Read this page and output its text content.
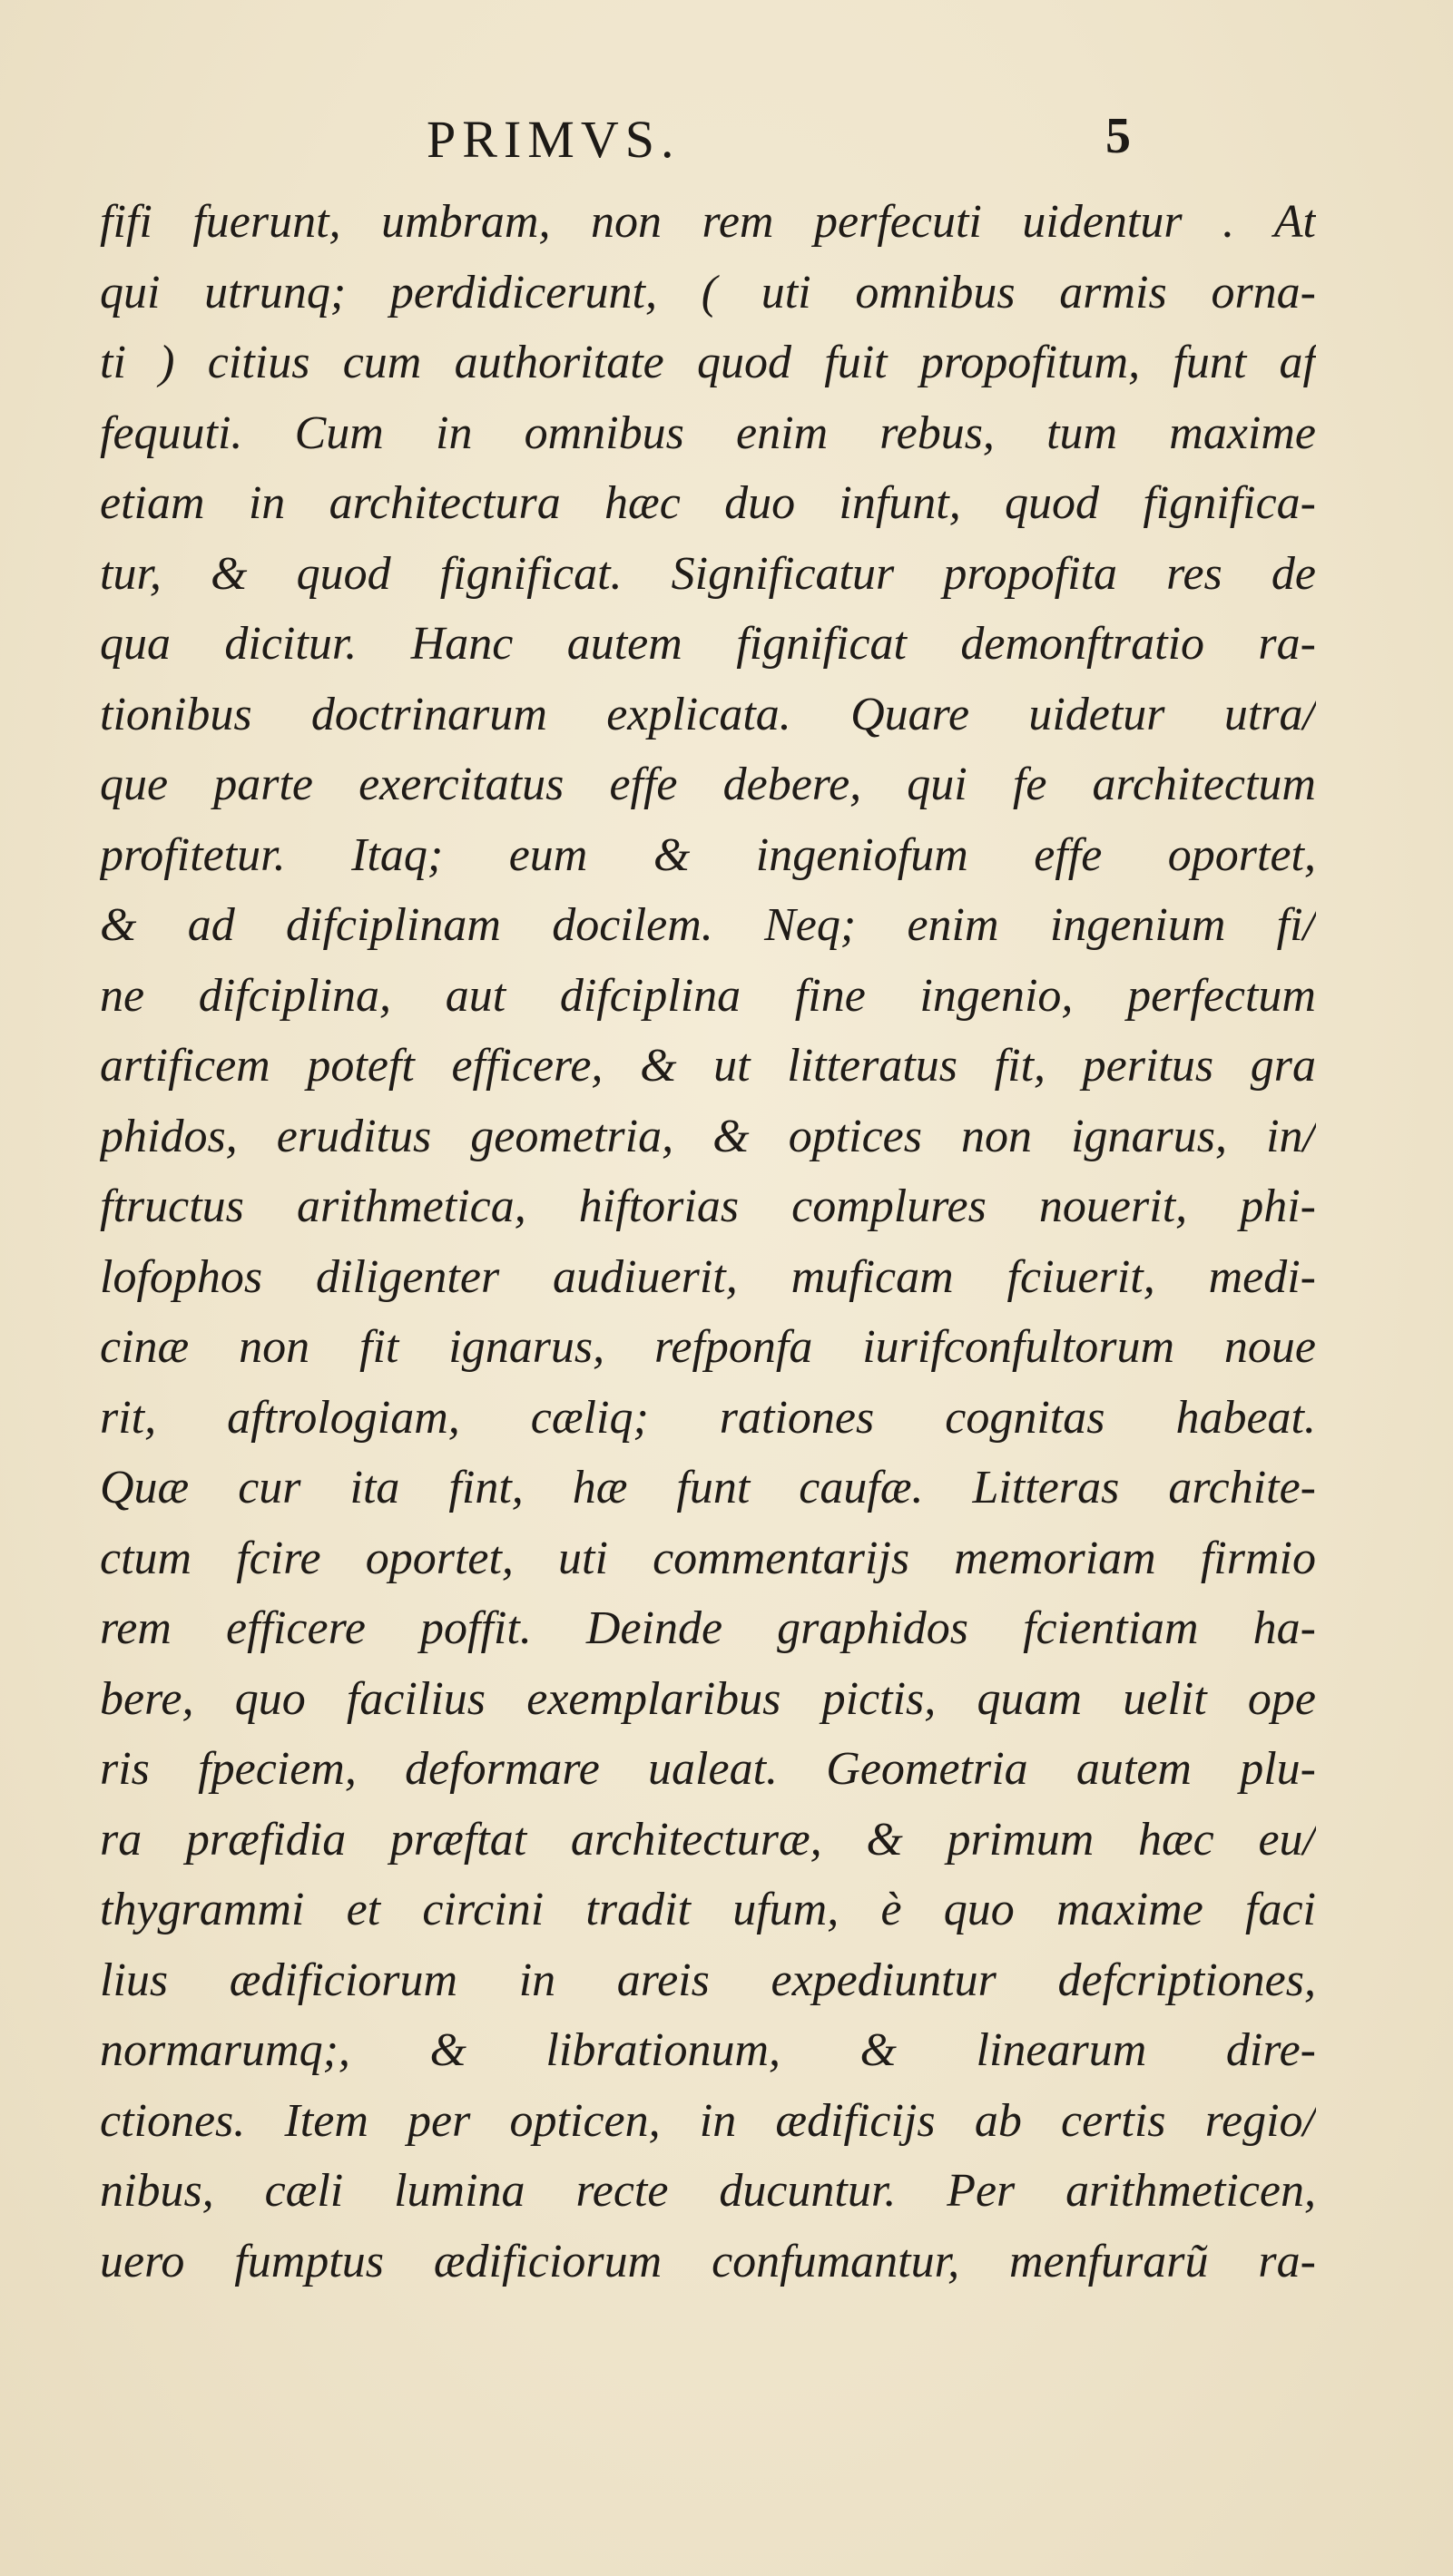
PRIMVS.	5
fifi fuerunt, umbram, non rem perfecuti uidentur . At
qui utrunq; perdidicerunt, ( uti omnibus armis orna-
ti ) citius cum authoritate quod fuit propofitum, funt af
fequuti. Cum in omnibus enim rebus, tum maxime
etiam in architectura hæc duo infunt, quod fignifica-
tur, & quod fignificat. Significatur propofita res de
qua dicitur. Hanc autem fignificat demonftratio ra-
tionibus doctrinarum explicata. Quare uidetur utra/
que parte exercitatus effe debere, qui fe architectum
profitetur. Itaq; eum & ingeniofum effe oportet,
& ad difciplinam docilem. Neq; enim ingenium fi/
ne difciplina, aut difciplina fine ingenio, perfectum
artificem poteft efficere, & ut litteratus fit, peritus gra
phidos, eruditus geometria, & optices non ignarus, in/
ftructus arithmetica, hiftorias complures nouerit, phi-
lofophos diligenter audiuerit, muficam fciuerit, medi-
cinæ non fit ignarus, refponfa iurifconfultorum noue
rit, aftrologiam, cæliq; rationes cognitas habeat.
Quæ cur ita fint, hæ funt caufæ. Litteras archite-
ctum fcire oportet, uti commentarijs memoriam firmio
rem efficere poffit. Deinde graphidos fcientiam ha-
bere, quo facilius exemplaribus pictis, quam uelit ope
ris fpeciem, deformare ualeat. Geometria autem plu-
ra præfidia præftat architecturæ, & primum hæc eu/
thygrammi et circini tradit ufum, è quo maxime faci
lius ædificiorum in areis expediuntur defcriptiones,
normarumq;, & librationum, & linearum dire-
ctiones. Item per opticen, in ædificijs ab certis regio/
nibus, cæli lumina recte ducuntur. Per arithmeticen,
uero fumptus ædificiorum confumantur, menfurarũ ra-
